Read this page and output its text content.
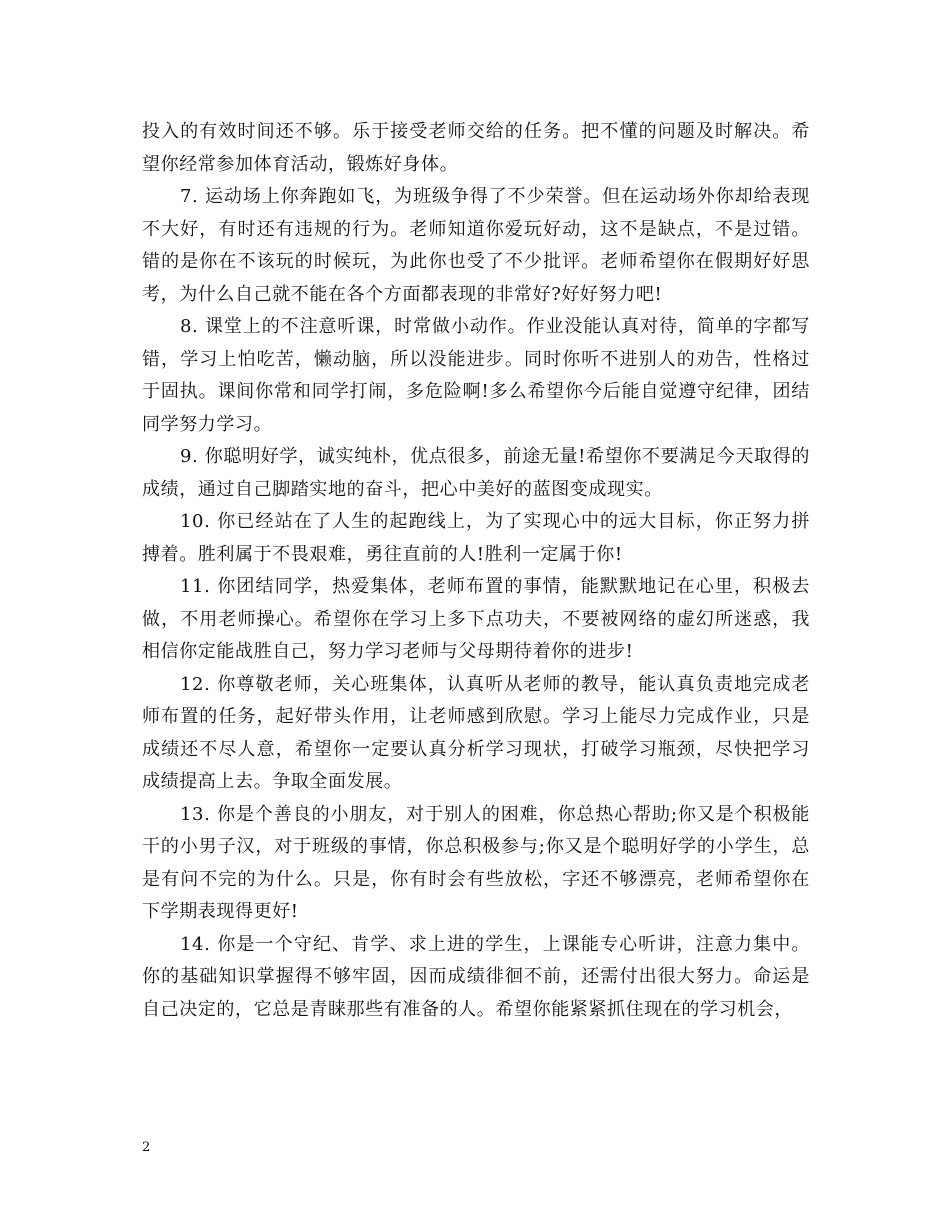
投入的有效时间还不够。乐于接受老师交给的任务。把不懂的问题及时解决。希望你经常参加体育活动，锻炼好身体。

7. 运动场上你奔跑如飞，为班级争得了不少荣誉。但在运动场外你却给表现不大好，有时还有违规的行为。老师知道你爱玩好动，这不是缺点，不是过错。错的是你在不该玩的时候玩，为此你也受了不少批评。老师希望你在假期好好思考，为什么自己就不能在各个方面都表现的非常好?好好努力吧!

8. 课堂上的不注意听课，时常做小动作。作业没能认真对待，简单的字都写错，学习上怕吃苦，懒动脑，所以没能进步。同时你听不进别人的劝告，性格过于固执。课间你常和同学打闹，多危险啊!多么希望你今后能自觉遵守纪律，团结同学努力学习。

9. 你聪明好学，诚实纯朴，优点很多，前途无量!希望你不要满足今天取得的成绩，通过自己脚踏实地的奋斗，把心中美好的蓝图变成现实。

10. 你已经站在了人生的起跑线上，为了实现心中的远大目标，你正努力拼搏着。胜利属于不畏艰难，勇往直前的人!胜利一定属于你!

11. 你团结同学，热爱集体，老师布置的事情，能默默地记在心里，积极去做，不用老师操心。希望你在学习上多下点功夫，不要被网络的虚幻所迷惑，我相信你定能战胜自己，努力学习老师与父母期待着你的进步!

12. 你尊敬老师，关心班集体，认真听从老师的教导，能认真负责地完成老师布置的任务，起好带头作用，让老师感到欣慰。学习上能尽力完成作业，只是成绩还不尽人意，希望你一定要认真分析学习现状，打破学习瓶颈，尽快把学习成绩提高上去。争取全面发展。

13. 你是个善良的小朋友，对于别人的困难，你总热心帮助;你又是个积极能干的小男子汉，对于班级的事情，你总积极参与;你又是个聪明好学的小学生，总是有问不完的为什么。只是，你有时会有些放松，字还不够漂亮，老师希望你在下学期表现得更好!

14. 你是一个守纪、肯学、求上进的学生，上课能专心听讲，注意力集中。你的基础知识掌握得不够牢固，因而成绩徘徊不前，还需付出很大努力。命运是自己决定的，它总是青睐那些有准备的人。希望你能紧紧抓住现在的学习机会，

2
